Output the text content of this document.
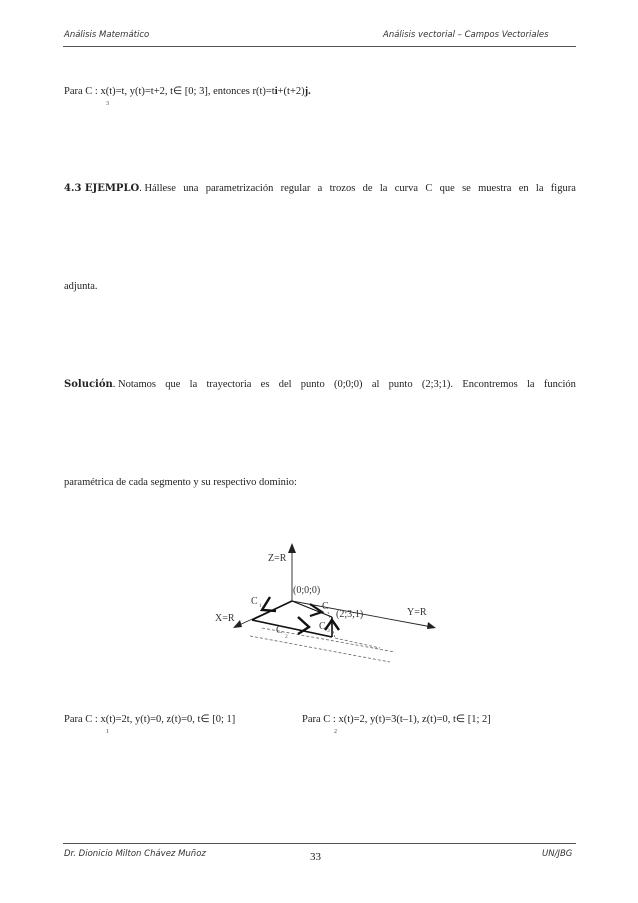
Análisis Matemático	Análisis vectorial – Campos Vectoriales
Para C : x(t)=t, y(t)=t+2, t∈ [0; 3], entonces r(t)=ti+(t+2)j.
3
4.3 EJEMPLO. Hállese una parametrización regular a trozos de la curva C que se muestra en la figura
adjunta.
Solución. Notamos que la trayectoria es del punto (0;0;0) al punto (2;3;1). Encontremos la función
paramétrica de cada segmento y su respectivo dominio:
Z=R
(0;0;0)
C 1	C
(2;3;1)	Y=R
X=R
C 3
C
2
Para C : x(t)=2t, y(t)=0, z(t)=0, t∈ [0; 1]
1
Para C : x(t)=2, y(t)=3(t–1), z(t)=0, t∈ [1; 2]
2
Dr. Dionicio Milton Chávez Muñoz	33	UN/JBG
